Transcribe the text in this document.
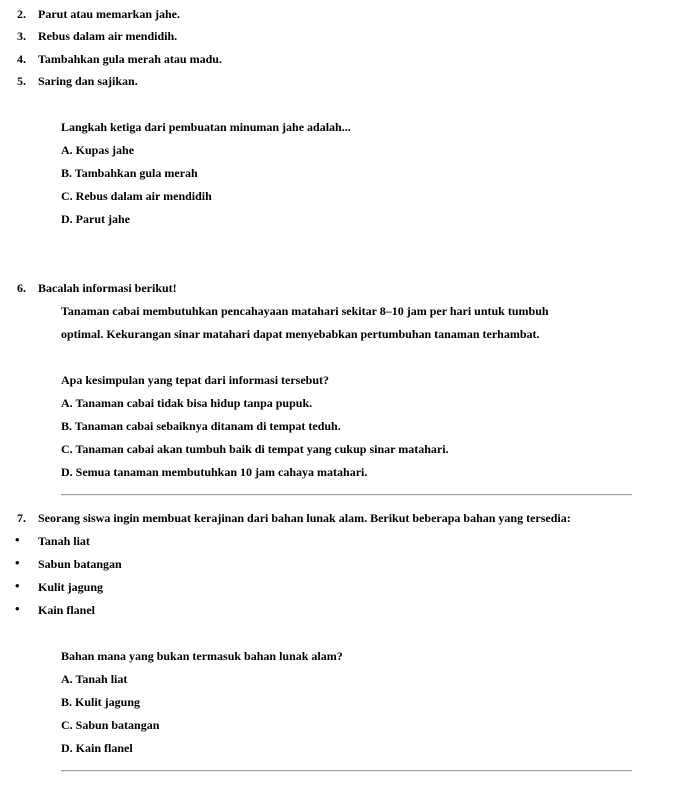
2. Parut atau memarkan jahe.
3. Rebus dalam air mendidih.
4. Tambahkan gula merah atau madu.
5. Saring dan sajikan.
Langkah ketiga dari pembuatan minuman jahe adalah...
A. Kupas jahe
B. Tambahkan gula merah
C. Rebus dalam air mendidih
D. Parut jahe
6. Bacalah informasi berikut!
Tanaman cabai membutuhkan pencahayaan matahari sekitar 8–10 jam per hari untuk tumbuh
optimal. Kekurangan sinar matahari dapat menyebabkan pertumbuhan tanaman terhambat.
Apa kesimpulan yang tepat dari informasi tersebut?
A. Tanaman cabai tidak bisa hidup tanpa pupuk.
B. Tanaman cabai sebaiknya ditanam di tempat teduh.
C. Tanaman cabai akan tumbuh baik di tempat yang cukup sinar matahari.
D. Semua tanaman membutuhkan 10 jam cahaya matahari.
7. Seorang siswa ingin membuat kerajinan dari bahan lunak alam. Berikut beberapa bahan yang tersedia:
• Tanah liat
• Sabun batangan
• Kulit jagung
• Kain flanel
Bahan mana yang bukan termasuk bahan lunak alam?
A. Tanah liat
B. Kulit jagung
C. Sabun batangan
D. Kain flanel
